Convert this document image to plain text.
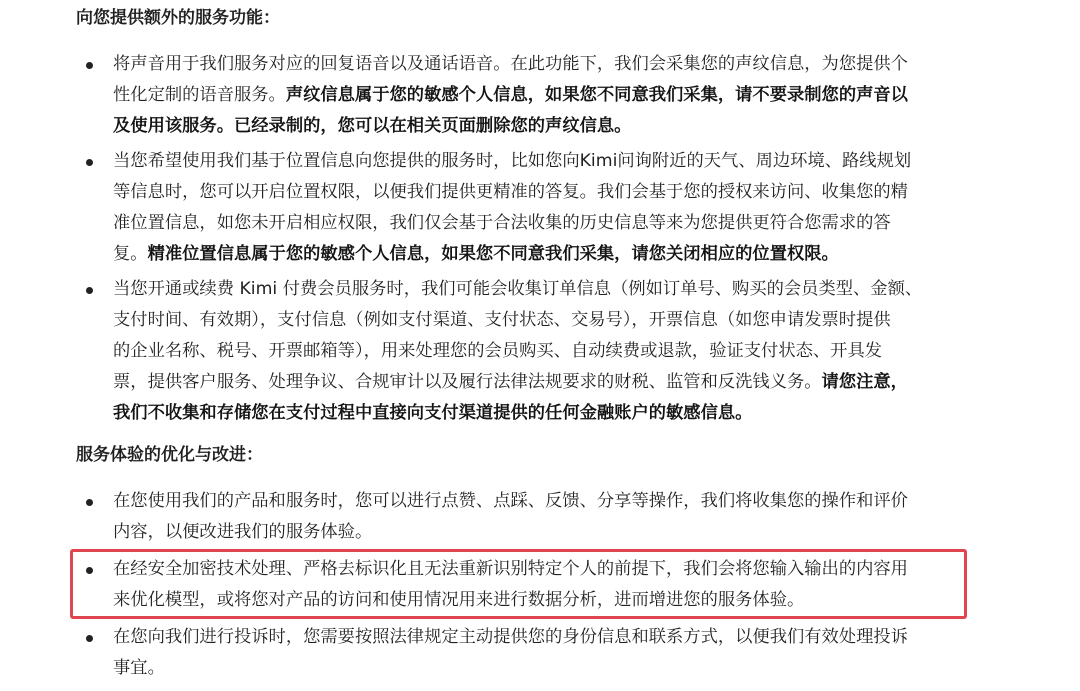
向您提供额外的服务功能：
将声音用于我们服务对应的回复语音以及通话语音。在此功能下，我们会采集您的声纹信息，为您提供个
性化定制的语音服务。声纹信息属于您的敏感个人信息，如果您不同意我们采集，请不要录制您的声音以
及使用该服务。已经录制的，您可以在相关页面删除您的声纹信息。
当您希望使用我们基于位置信息向您提供的服务时，比如您向Kimi问询附近的天气、周边环境、路线规划
等信息时，您可以开启位置权限，以便我们提供更精准的答复。我们会基于您的授权来访问、收集您的精
准位置信息，如您未开启相应权限，我们仅会基于合法收集的历史信息等来为您提供更符合您需求的答
复。精准位置信息属于您的敏感个人信息，如果您不同意我们采集，请您关闭相应的位置权限。
当您开通或续费 Kimi 付费会员服务时，我们可能会收集订单信息（例如订单号、购买的会员类型、金额、
支付时间、有效期），支付信息（例如支付渠道、支付状态、交易号），开票信息（如您申请发票时提供
的企业名称、税号、开票邮箱等），用来处理您的会员购买、自动续费或退款，验证支付状态、开具发
票，提供客户服务、处理争议、合规审计以及履行法律法规要求的财税、监管和反洗钱义务。请您注意，
我们不收集和存储您在支付过程中直接向支付渠道提供的任何金融账户的敏感信息。
服务体验的优化与改进：
在您使用我们的产品和服务时，您可以进行点赞、点踩、反馈、分享等操作，我们将收集您的操作和评价
内容，以便改进我们的服务体验。
在经安全加密技术处理、严格去标识化且无法重新识别特定个人的前提下，我们会将您输入输出的内容用
来优化模型，或将您对产品的访问和使用情况用来进行数据分析，进而增进您的服务体验。
在您向我们进行投诉时，您需要按照法律规定主动提供您的身份信息和联系方式，以便我们有效处理投诉
事宜。
